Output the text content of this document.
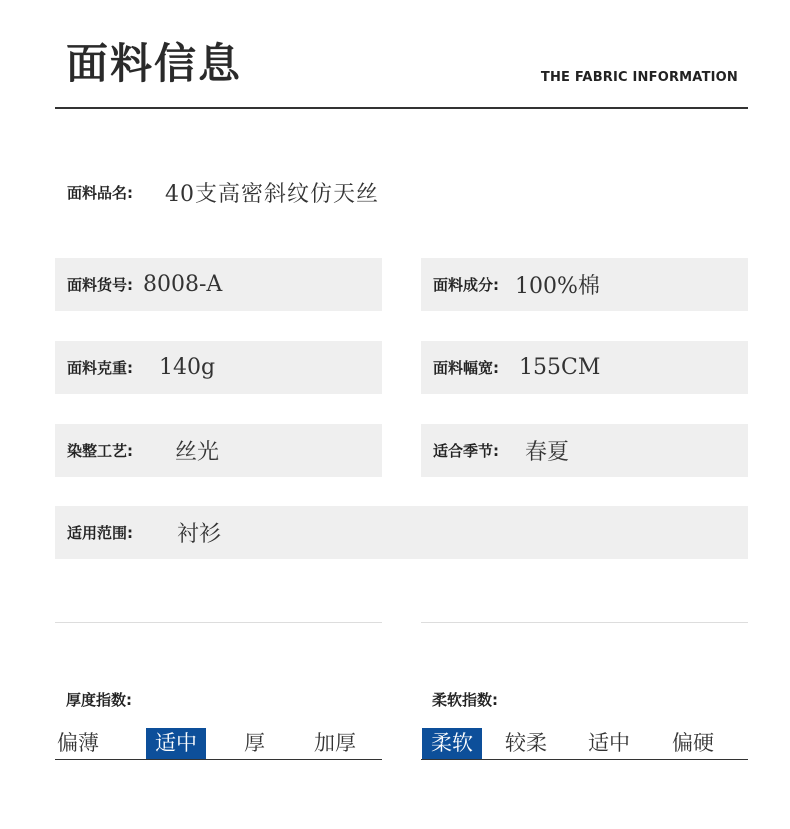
面料信息	THE FABRIC INFORMATION
面料品名: 40支高密斜纹仿天丝
面料货号: 8008-A	面料成分: 100%棉
面料克重: 140g	面料幅宽: 155CM
染整工艺: 丝光	适合季节: 春夏
适用范围: 衬衫
厚度指数:
偏薄	适中	厚 加厚
柔软指数:
柔软	较柔 适中 偏硬
